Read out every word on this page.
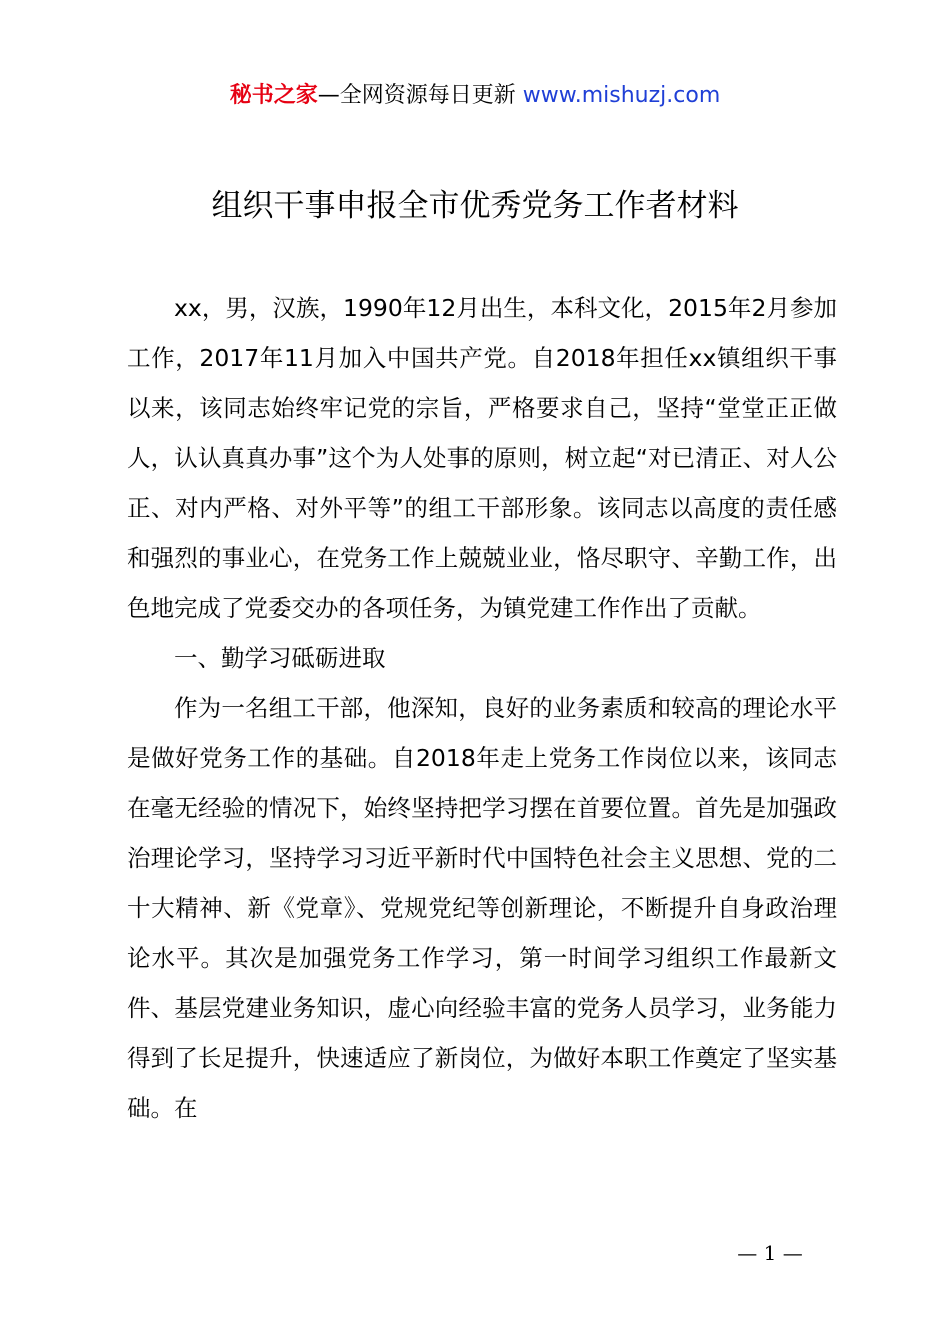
秘书之家—全网资源每日更新 www.mishuzj.com
组织干事申报全市优秀党务工作者材料

xx，男，汉族，1990年12月出生，本科文化，2015年2月参加工作，2017年11月加入中国共产党。自2018年担任xx镇组织干事以来，该同志始终牢记党的宗旨，严格要求自己，坚持“堂堂正正做人，认认真真办事”这个为人处事的原则，树立起“对已清正、对人公正、对内严格、对外平等”的组工干部形象。该同志以高度的责任感和强烈的事业心，在党务工作上兢兢业业，恪尽职守、辛勤工作，出色地完成了党委交办的各项任务，为镇党建工作作出了贡献。

一、勤学习砥砺进取

作为一名组工干部，他深知，良好的业务素质和较高的理论水平是做好党务工作的基础。自2018年走上党务工作岗位以来，该同志在毫无经验的情况下，始终坚持把学习摆在首要位置。首先是加强政治理论学习，坚持学习习近平新时代中国特色社会主义思想、党的二十大精神、新《党章》、党规党纪等创新理论，不断提升自身政治理论水平。其次是加强党务工作学习，第一时间学习组织工作最新文件、基层党建业务知识，虚心向经验丰富的党务人员学习，业务能力得到了长足提升，快速适应了新岗位，为做好本职工作奠定了坚实基础。在

— 1 —
